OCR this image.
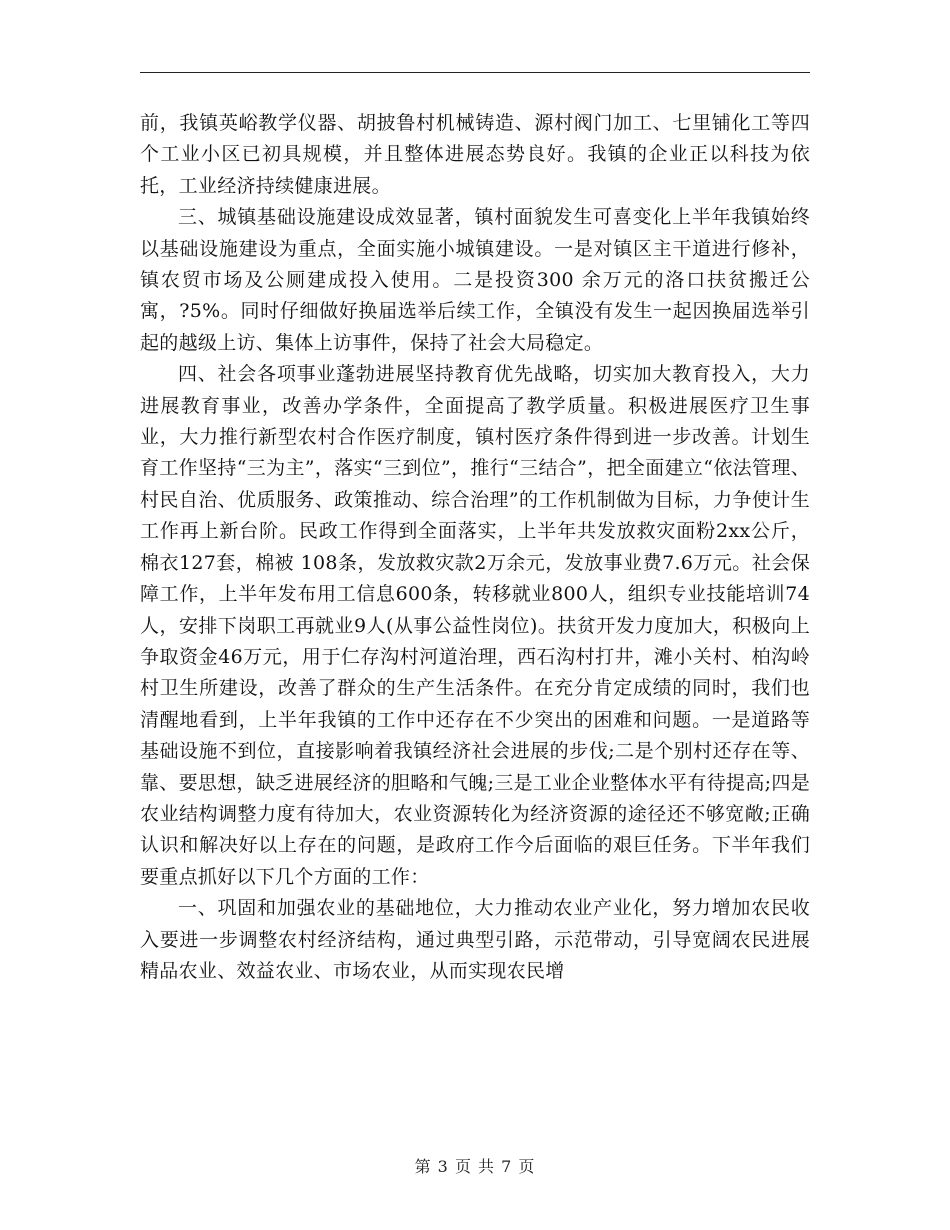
前，我镇英峪教学仪器、胡披鲁村机械铸造、源村阀门加工、七里铺化工等四个工业小区已初具规模，并且整体进展态势良好。我镇的企业正以科技为依托，工业经济持续健康进展。

三、城镇基础设施建设成效显著，镇村面貌发生可喜变化上半年我镇始终以基础设施建设为重点，全面实施小城镇建设。一是对镇区主干道进行修补，镇农贸市场及公厕建成投入使用。二是投资300 余万元的洛口扶贫搬迁公寓，?5%。同时仔细做好换届选举后续工作，全镇没有发生一起因换届选举引起的越级上访、集体上访事件，保持了社会大局稳定。

四、社会各项事业蓬勃进展坚持教育优先战略，切实加大教育投入，大力进展教育事业，改善办学条件，全面提高了教学质量。积极进展医疗卫生事业，大力推行新型农村合作医疗制度，镇村医疗条件得到进一步改善。计划生育工作坚持“三为主”，落实“三到位”，推行“三结合”，把全面建立“依法管理、村民自治、优质服务、政策推动、综合治理”的工作机制做为目标，力争使计生工作再上新台阶。民政工作得到全面落实，上半年共发放救灾面粉2xx公斤，棉衣127套，棉被 108条，发放救灾款2万余元，发放事业费7.6万元。社会保障工作，上半年发布用工信息600条，转移就业800人，组织专业技能培训74人，安排下岗职工再就业9人(从事公益性岗位)。扶贫开发力度加大，积极向上争取资金46万元，用于仁存沟村河道治理，西石沟村打井，滩小关村、柏沟岭村卫生所建设，改善了群众的生产生活条件。在充分肯定成绩的同时，我们也清醒地看到，上半年我镇的工作中还存在不少突出的困难和问题。一是道路等基础设施不到位，直接影响着我镇经济社会进展的步伐;二是个别村还存在等、靠、要思想，缺乏进展经济的胆略和气魄;三是工业企业整体水平有待提高;四是农业结构调整力度有待加大，农业资源转化为经济资源的途径还不够宽敞;正确认识和解决好以上存在的问题，是政府工作今后面临的艰巨任务。下半年我们要重点抓好以下几个方面的工作：

一、巩固和加强农业的基础地位，大力推动农业产业化，努力增加农民收入要进一步调整农村经济结构，通过典型引路，示范带动，引导宽阔农民进展精品农业、效益农业、市场农业，从而实现农民增

第 3 页 共 7 页
